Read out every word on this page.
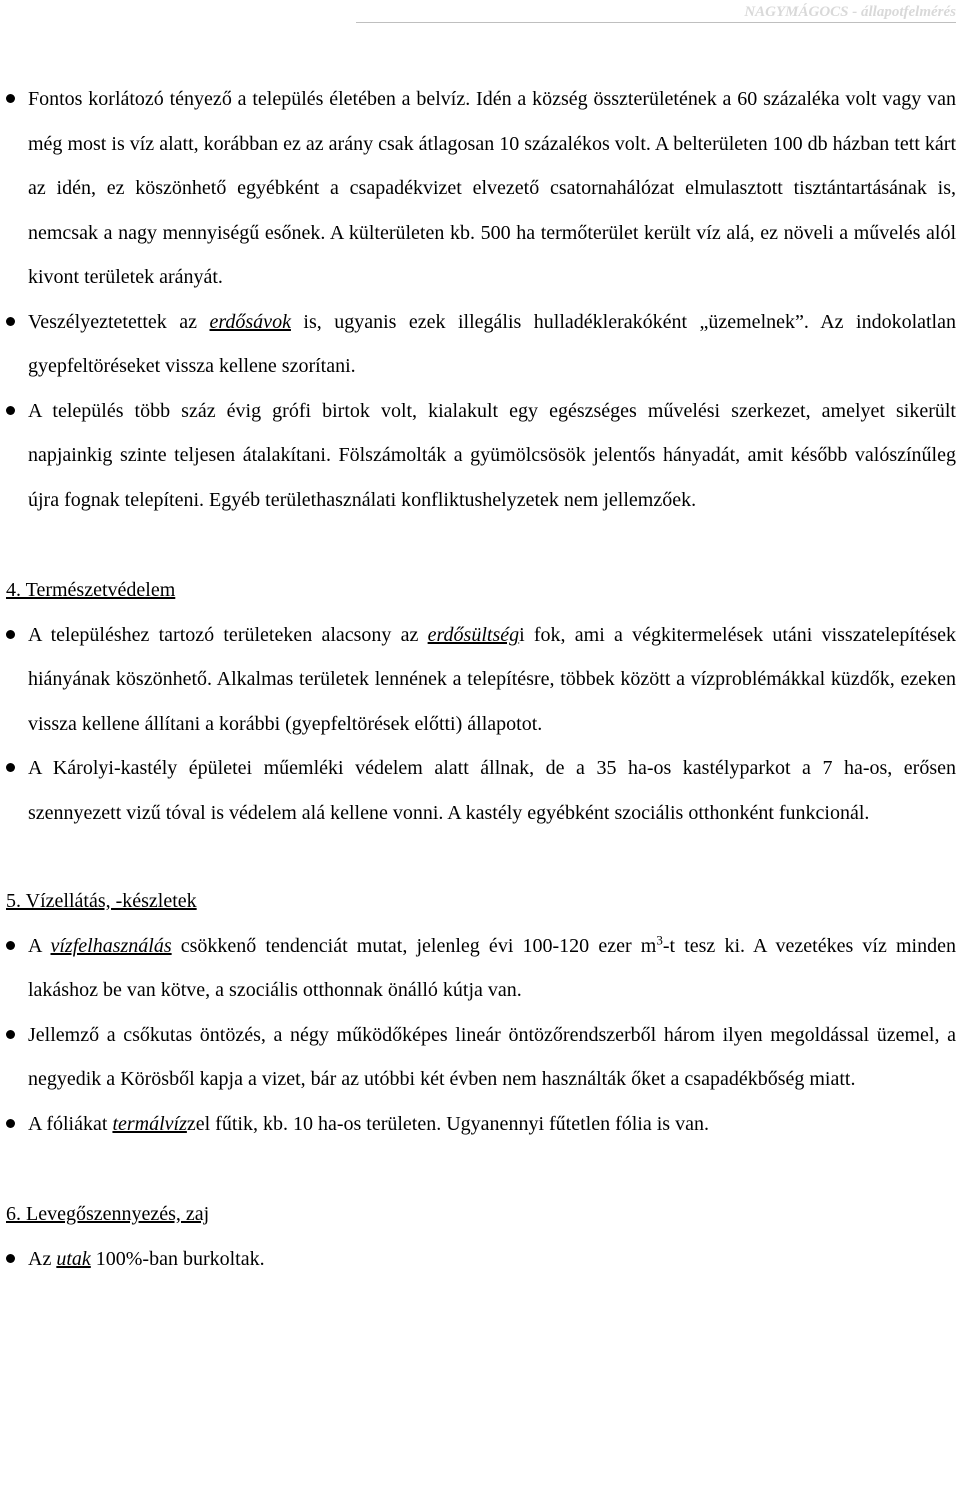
NAGYMÁGOCS - állapotfelmérés
Fontos korlátozó tényező a település életében a belvíz. Idén a község összterületének a 60 százaléka volt vagy van még most is víz alatt, korábban ez az arány csak átlagosan 10 százalékos volt. A belterületen 100 db házban tett kárt az idén, ez köszönhető egyébként a csapadékvizet elvezető csatornahálózat elmulasztott tisztántartásának is, nemcsak a nagy mennyiségű esőnek. A külterületen kb. 500 ha termőterület került víz alá, ez növeli a művelés alól kivont területek arányát.
Veszélyeztetettek az erdősávok is, ugyanis ezek illegális hulladéklerakóként „üzemelnek”. Az indokolatlan gyepfeltöréseket vissza kellene szorítani.
A település több száz évig grófi birtok volt, kialakult egy egészséges művelési szerkezet, amelyet sikerült napjainkig szinte teljesen átalakítani. Fölszámolták a gyümölcsösök jelentős hányadát, amit később valószínűleg újra fognak telepíteni. Egyéb területhasználati konfliktushelyzetek nem jellemzőek.
4. Természetvédelem
A településhez tartozó területeken alacsony az erdősültségi fok, ami a végkitermelések utáni visszatelepítések hiányának köszönhető. Alkalmas területek lennének a telepítésre, többek között a vízproblémákkal küzdők, ezeken vissza kellene állítani a korábbi (gyepfeltörések előtti) állapotot.
A Károlyi-kastély épületei műemléki védelem alatt állnak, de a 35 ha-os kastélyparkot a 7 ha-os, erősen szennyezett vizű tóval is védelem alá kellene vonni. A kastély egyébként szociális otthonként funkcionál.
5. Vízellátás, -készletek
A vízfelhasználás csökkenő tendenciát mutat, jelenleg évi 100-120 ezer $m^3-t$ tesz ki. A vezetékes víz minden lakáshoz be van kötve, a szociális otthonnak önálló kútja van.
Jellemző a csőkutas öntözés, a négy működőképes lineár öntözőrendszerből három ilyen megoldással üzemel, a negyedik a Körösből kapja a vizet, bár az utóbbi két évben nem használták őket a csapadékbőség miatt.
A fóliákat termálvízzel fűtik, kb. 10 ha-os területen. Ugyanennyi fűtetlen fólia is van.
6. Levegőszennyezés, zaj
Az utak 100%-ban burkoltak.
